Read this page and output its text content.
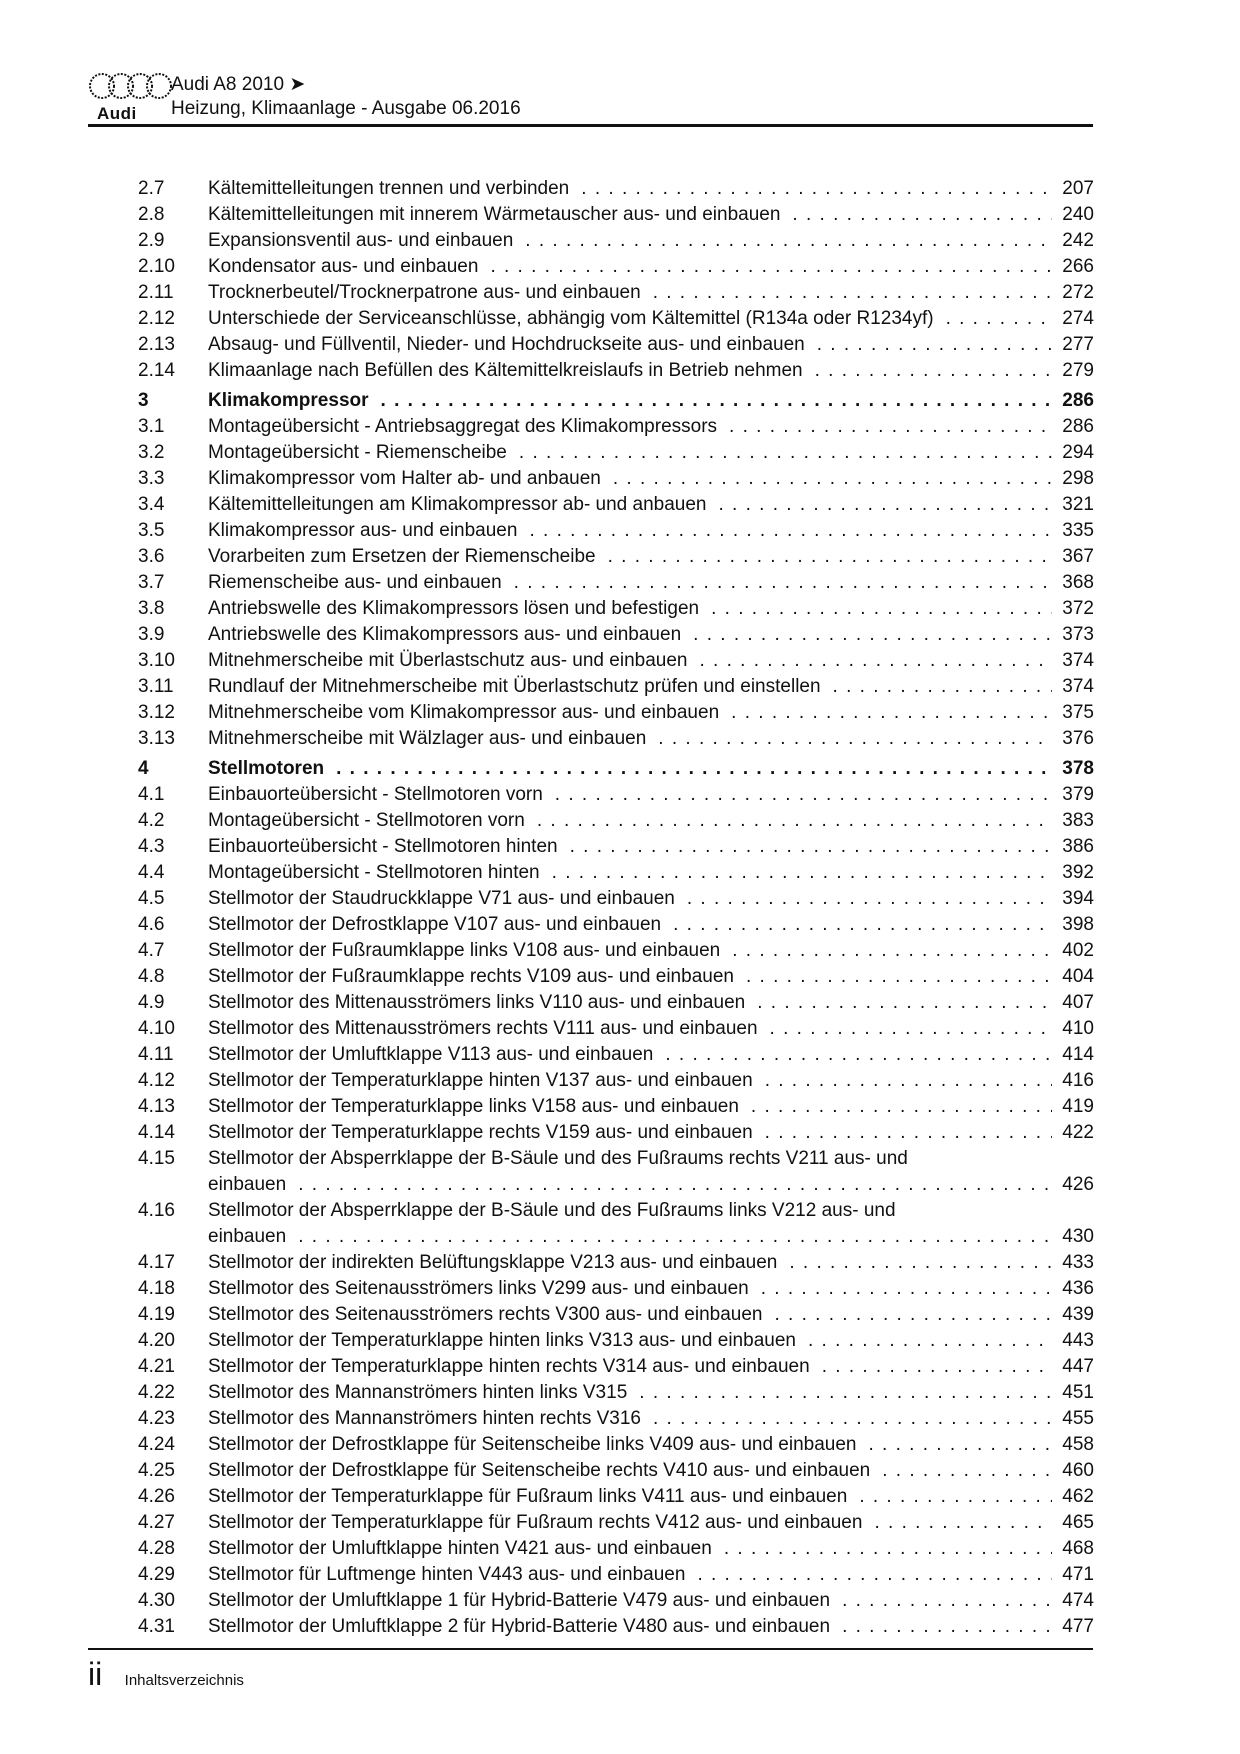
Audi
Audi A8 2010 ➤
Heizung, Klimaanlage - Ausgabe 06.2016
2.7	Kältemittelleitungen trennen und verbinden . . .	207
2.8	Kältemittelleitungen mit innerem Wärmetauscher aus- und einbauen . . .	240
2.9	Expansionsventil aus- und einbauen . . .	242
2.10	Kondensator aus- und einbauen . . .	266
2.11	Trocknerbeutel/Trocknerpatrone aus- und einbauen . . .	272
2.12	Unterschiede der Serviceanschlüsse, abhängig vom Kältemittel (R134a oder R1234yf) . . .	274
2.13	Absaug- und Füllventil, Nieder- und Hochdruckseite aus- und einbauen . . .	277
2.14	Klimaanlage nach Befüllen des Kältemittelkreislaufs in Betrieb nehmen . . .	279
3	Klimakompressor . . .	286
3.1	Montageübersicht - Antriebsaggregat des Klimakompressors . . .	286
3.2	Montageübersicht - Riemenscheibe . . .	294
3.3	Klimakompressor vom Halter ab- und anbauen . . .	298
3.4	Kältemittelleitungen am Klimakompressor ab- und anbauen . . .	321
3.5	Klimakompressor aus- und einbauen . . .	335
3.6	Vorarbeiten zum Ersetzen der Riemenscheibe . . .	367
3.7	Riemenscheibe aus- und einbauen . . .	368
3.8	Antriebswelle des Klimakompressors lösen und befestigen . . .	372
3.9	Antriebswelle des Klimakompressors aus- und einbauen . . .	373
3.10	Mitnehmerscheibe mit Überlastschutz aus- und einbauen . . .	374
3.11	Rundlauf der Mitnehmerscheibe mit Überlastschutz prüfen und einstellen . . .	374
3.12	Mitnehmerscheibe vom Klimakompressor aus- und einbauen . . .	375
3.13	Mitnehmerscheibe mit Wälzlager aus- und einbauen . . .	376
4	Stellmotoren . . .	378
4.1	Einbauorteübersicht - Stellmotoren vorn . . .	379
4.2	Montageübersicht - Stellmotoren vorn . . .	383
4.3	Einbauorteübersicht - Stellmotoren hinten . . .	386
4.4	Montageübersicht - Stellmotoren hinten . . .	392
4.5	Stellmotor der Staudruckklappe V71 aus- und einbauen . . .	394
4.6	Stellmotor der Defrostklappe V107 aus- und einbauen . . .	398
4.7	Stellmotor der Fußraumklappe links V108 aus- und einbauen . . .	402
4.8	Stellmotor der Fußraumklappe rechts V109 aus- und einbauen . . .	404
4.9	Stellmotor des Mittenausströmers links V110 aus- und einbauen . . .	407
4.10	Stellmotor des Mittenausströmers rechts V111 aus- und einbauen . . .	410
4.11	Stellmotor der Umluftklappe V113 aus- und einbauen . . .	414
4.12	Stellmotor der Temperaturklappe hinten V137 aus- und einbauen . . .	416
4.13	Stellmotor der Temperaturklappe links V158 aus- und einbauen . . .	419
4.14	Stellmotor der Temperaturklappe rechts V159 aus- und einbauen . . .	422
4.15	Stellmotor der Absperrklappe der B-Säule und des Fußraums rechts V211 aus- und
einbauen . . .	426
4.16	Stellmotor der Absperrklappe der B-Säule und des Fußraums links V212 aus- und
einbauen . . .	430
4.17	Stellmotor der indirekten Belüftungsklappe V213 aus- und einbauen . . .	433
4.18	Stellmotor des Seitenausströmers links V299 aus- und einbauen . . .	436
4.19	Stellmotor des Seitenausströmers rechts V300 aus- und einbauen . . .	439
4.20	Stellmotor der Temperaturklappe hinten links V313 aus- und einbauen . . .	443
4.21	Stellmotor der Temperaturklappe hinten rechts V314 aus- und einbauen . . .	447
4.22	Stellmotor des Mannanströmers hinten links V315 . . .	451
4.23	Stellmotor des Mannanströmers hinten rechts V316 . . .	455
4.24	Stellmotor der Defrostklappe für Seitenscheibe links V409 aus- und einbauen . . .	458
4.25	Stellmotor der Defrostklappe für Seitenscheibe rechts V410 aus- und einbauen . . .	460
4.26	Stellmotor der Temperaturklappe für Fußraum links V411 aus- und einbauen . . .	462
4.27	Stellmotor der Temperaturklappe für Fußraum rechts V412 aus- und einbauen . . .	465
4.28	Stellmotor der Umluftklappe hinten V421 aus- und einbauen . . .	468
4.29	Stellmotor für Luftmenge hinten V443 aus- und einbauen . . .	471
4.30	Stellmotor der Umluftklappe 1 für Hybrid-Batterie V479 aus- und einbauen . . .	474
4.31	Stellmotor der Umluftklappe 2 für Hybrid-Batterie V480 aus- und einbauen . . .	477
ii Inhaltsverzeichnis
